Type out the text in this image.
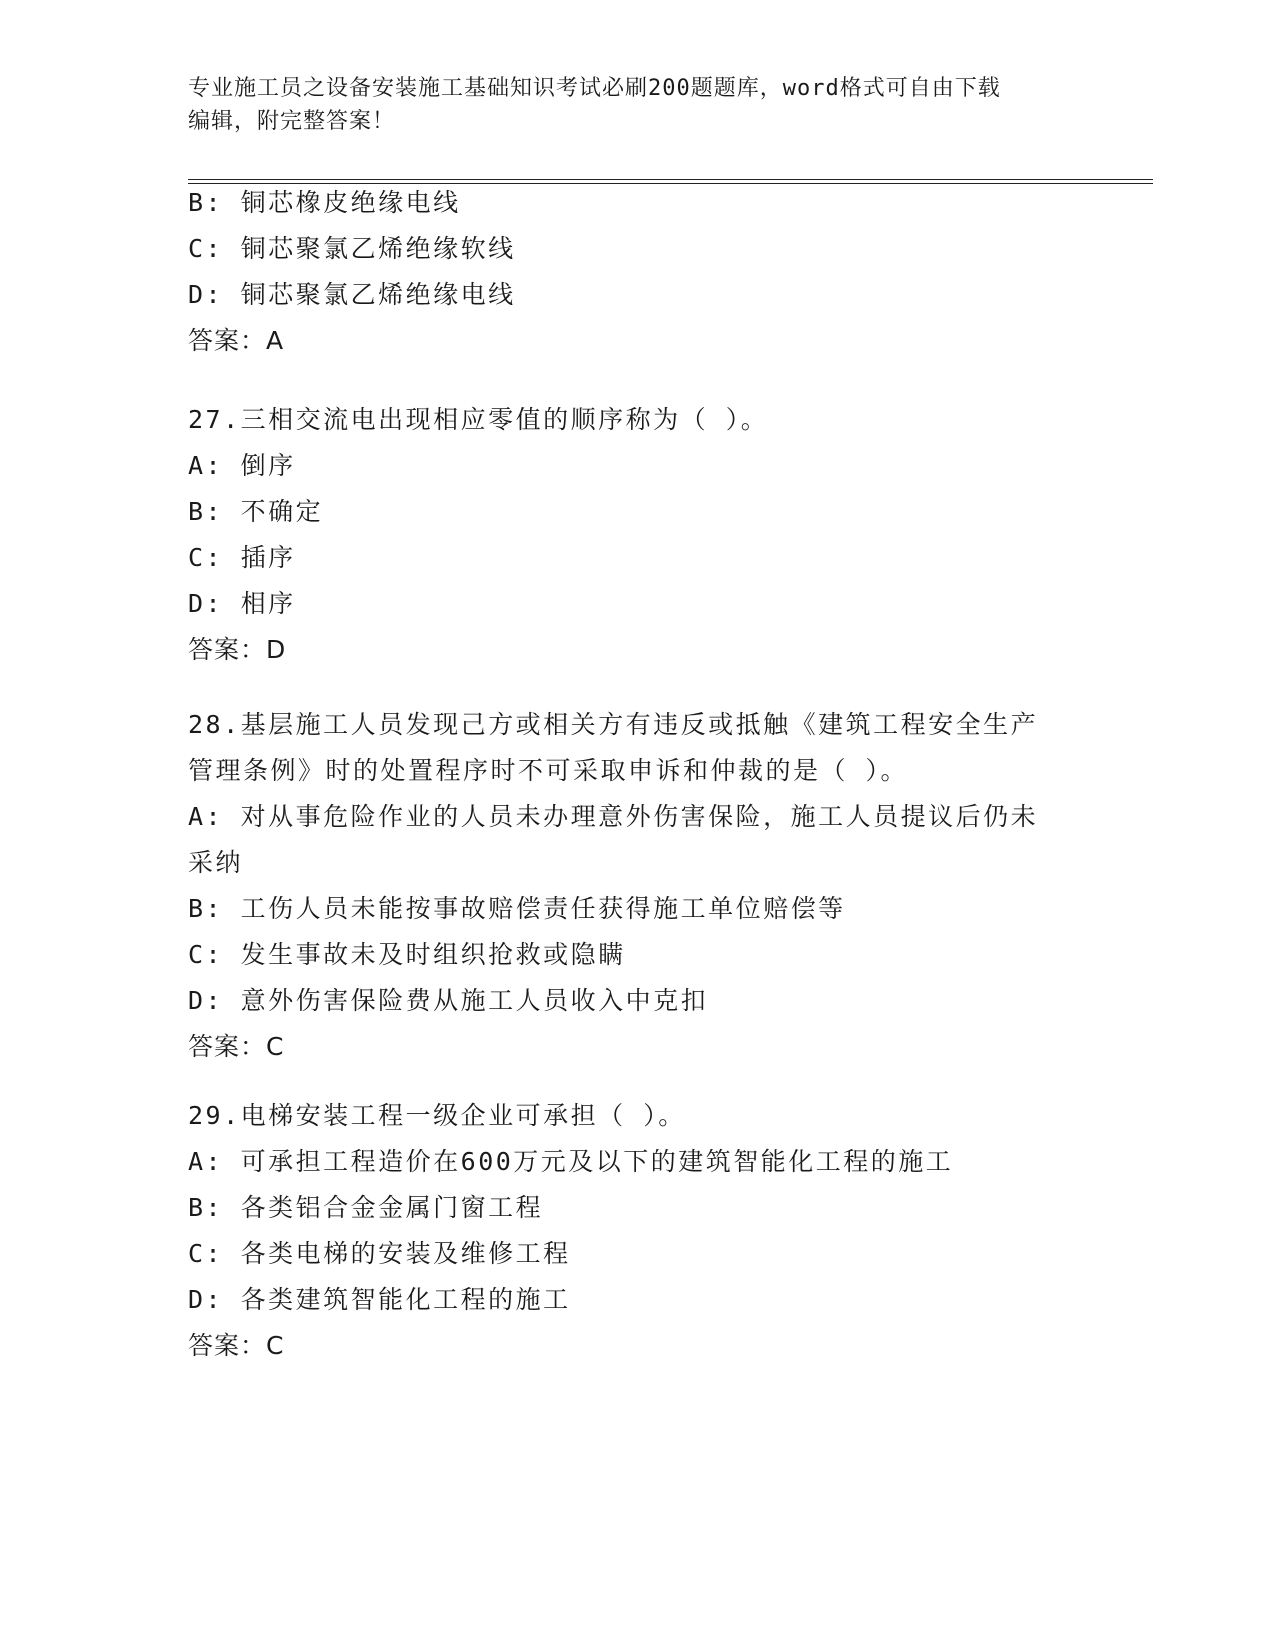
专业施工员之设备安装施工基础知识考试必刷200题题库，word格式可自由下载
编辑，附完整答案！
B: 铜芯橡皮绝缘电线
C: 铜芯聚氯乙烯绝缘软线
D: 铜芯聚氯乙烯绝缘电线
答案：A
27.三相交流电出现相应零值的顺序称为（ ）。
A: 倒序
B: 不确定
C: 插序
D: 相序
答案：D
28.基层施工人员发现己方或相关方有违反或抵触《建筑工程安全生产
管理条例》时的处置程序时不可采取申诉和仲裁的是（ ）。
A: 对从事危险作业的人员未办理意外伤害保险，施工人员提议后仍未
采纳
B: 工伤人员未能按事故赔偿责任获得施工单位赔偿等
C: 发生事故未及时组织抢救或隐瞒
D: 意外伤害保险费从施工人员收入中克扣
答案：C
29.电梯安装工程一级企业可承担（ ）。
A: 可承担工程造价在600万元及以下的建筑智能化工程的施工
B: 各类铝合金金属门窗工程
C: 各类电梯的安装及维修工程
D: 各类建筑智能化工程的施工
答案：C
